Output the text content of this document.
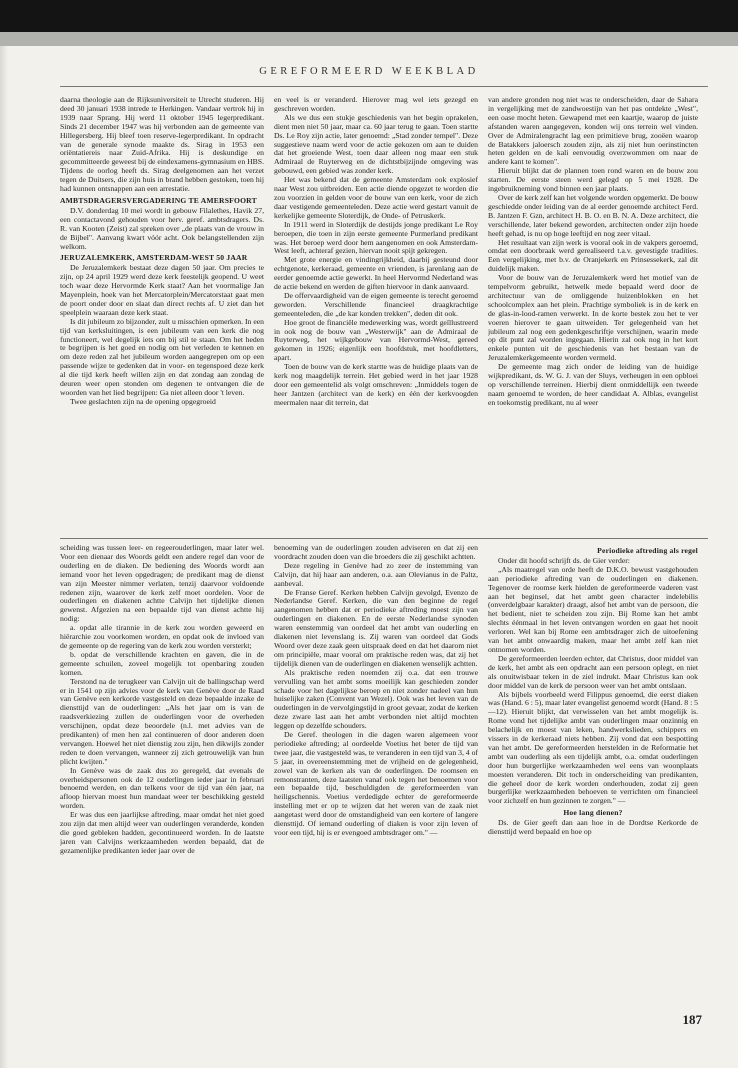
GEREFORMEERD WEEKBLAD

daarna theologie aan de Rijksuniversiteit te Utrecht studeren. Hij deed 30 januari 1938 intrede te Herkingen. Vandaar vertrok hij in 1939 naar Sprang. Hij werd 11 oktober 1945 legerpredikant. Sinds 21 december 1947 was hij verbonden aan de gemeente van Hillegersberg. Hij bleef toen reserve-legerpredikant. In opdracht van de generale synode maakte ds. Sirag in 1953 een oriëntatiereis naar Zuid-Afrika. Hij is deskundige en gecommitteerde geweest bij de eindexamens-gymnasium en HBS. Tijdens de oorlog heeft ds. Sirag deelgenomen aan het verzet tegen de Duitsers, die zijn huis in brand hebben gestoken, toen hij had kunnen ontsnappen aan een arrestatie.

AMBTSDRAGERSVERGADERING TE AMERSFOORT

D.V. donderdag 10 mei wordt in gebouw Filalethes, Havik 27, een contactavond gehouden voor herv. geref. ambtsdragers. Ds. R. van Kooten (Zeist) zal spreken over „de plaats van de vrouw in de Bijbel". Aanvang kwart vóór acht. Ook belangstellenden zijn welkom.

JERUZALEMKERK, AMSTERDAM-WEST 50 JAAR

De Jeruzalemkerk bestaat deze dagen 50 jaar. Om precies te zijn, op 24 april 1929 werd deze kerk feestelijk geopend. U weet toch waar deze Hervormde Kerk staat? Aan het voormalige Jan Mayenplein, hoek van het Mercatorplein/Mercatorstaat gaat men de poort onder door en slaat dan direct rechts af. U ziet dan het speelplein waaraan deze kerk staat.

Is dit jubileum zo bijzonder, zult u misschien opmerken. In een tijd van kerksluitingen, is een jubileum van een kerk die nog functioneert, wel degelijk iets om bij stil te staan. Om het heden te begrijpen is het goed en nodig om het verleden te kennen en om deze reden zal het jubileum worden aangegrepen om op een passende wijze te gedenken dat in voor- en tegenspoed deze kerk al die tijd kerk heeft willen zijn en dat zondag aan zondag de deuren weer open stonden om degenen te ontvangen die de woorden van het lied begrijpen: Ga niet alleen door 't leven.

Twee geslachten zijn na de opening opgegroeid

en veel is er veranderd. Hierover mag wel iets gezegd en geschreven worden.

Als we dus een stukje geschiedenis van het begin oprakelen, dient men niet 50 jaar, maar ca. 60 jaar terug te gaan. Toen startte Ds. Le Roy zijn actie, later genoemd: „Stad zonder tempel". Deze suggestieve naam werd voor de actie gekozen om aan te duiden dat het groeiende West, toen daar alleen nog maar een stuk Admiraal de Ruyterweg en de dichtstbijzijnde omgeving was gebouwd, een gebied was zonder kerk.

Het was bekend dat de gemeente Amsterdam ook explosief naar West zou uitbreiden. Een actie diende opgezet te worden die zou voorzien in gelden voor de bouw van een kerk, voor de zich daar vestigende gemeenteleden. Deze actie werd gestart vanuit de kerkelijke gemeente Sloterdijk, de Onde- of Petruskerk.

In 1911 werd in Sloterdijk de destijds jonge predikant Le Roy beroepen, die toen in zijn eerste gemeente Purmerland predikant was. Het beroep werd door hem aangenomen en ook Amsterdam-West leeft, achteraf gezien, hiervan nooit spijt gekregen.

Met grote energie en vindingrijkheid, daarbij gesteund door echtgenote, kerkeraad, gemeente en vrienden, is jarenlang aan de eerder genoemde actie gewerkt. In heel Hervormd Nederland was de actie bekend en werden de giften hiervoor in dank aanvaard.

De offervaardigheid van de eigen gemeente is terecht geroemd geworden. Verschillende financieel draagkrachtige gemeenteleden, die „de kar konden trekken", deden dit ook.

Hoe groot de financiële medewerking was, wordt geïllustreerd in ook nog de bouw van „Westerwijk" aan de Admiraal de Ruyterweg, het wijkgebouw van Hervormd-West, gereed gekomen in 1926; eigenlijk een hoofdstuk, met hoofdletters, apart.

Toen de bouw van de kerk startte was de huidige plaats van de kerk nog maagdelijk terrein. Het gebied werd in het jaar 1928 door een gemeentelid als volgt omschreven: „Inmiddels togen de heer Jantzen (architect van de kerk) en één der kerkvoogden meermalen naar dit terrein, dat

van andere gronden nog niet was te onderscheiden, daar de Sahara in vergelijking met de zandwoestijn van het pas ontdekte „West", een oase mocht heten. Gewapend met een kaartje, waarop de juiste afstanden waren aangegeven, konden wij ons terrein wel vinden. Over de Admiralengracht lag een primitieve brug, zooëen waarop de Batakkers jaloersch zouden zijn, als zij niet hun oerinstincten heten gelden en de kali eenvoudig overzwommen om naar de andere kant te komen".

Hieruit blijkt dat de plannen toen rond waren en de bouw zou starten. De eerste steen werd gelegd op 5 mei 1928. De ingebruikneming vond binnen een jaar plaats.

Over de kerk zelf kan het volgende worden opgemerkt. De bouw geschiedde onder leiding van de al eerder genoemde architect Ferd. B. Jantzen F. Gzn, architect H. B. O. en B. N. A. Deze architect, die verschillende, later bekend geworden, architecten onder zijn hoede heeft gehad, is nu op hoge leeftijd en nog zeer vitaal.

Het resultaat van zijn werk is vooral ook in de vakpers geroemd, omdat een doorbraak werd gerealiseerd t.a.v. gevestigde tradities. Een vergelijking, met b.v. de Oranjekerk en Prinsessekerk, zal dit duidelijk maken.

Voor de bouw van de Jeruzalemkerk werd het motief van de tempelvorm gebruikt, hetwelk mede bepaald werd door de architectuur van de omliggende huizenblokken en het schoolcomplex aan het plein. Prachtige symboliek is in de kerk en de glas-in-lood-ramen verwerkt. In de korte bestek zou het te ver voeren hierover te gaan uitweiden. Ter gelegenheid van het jubileum zal nog een gedenkgeschriftje verschijnen, waarin mede op dit punt zal worden ingegaan. Hierin zal ook nog in het kort enkele punten uit de geschiedenis van het bestaan van de Jeruzalemkerkgemeente worden vermeld.

De gemeente mag zich onder de leiding van de huidige wijkpredikant, ds. W. G. J. van der Sluys, verheugen in een opbloei op verschillende terreinen. Hierbij dient onmiddellijk een tweede naam genoemd te worden, de heer candidaat A. Alblas, evangelist en toekomstig predikant, nu al weer

scheiding was tussen leer- en regeerouderlingen, maar later wel. Voor een dienaar des Woords geldt een andere regel dan voor de ouderling en de diaken. De bediening des Woords wordt aan iemand voor het leven opgedragen; de predikant mag de dienst van zijn Meester nimmer verlaten, tenzij daarvoor voldoende redenen zijn, waarover de kerk zelf moet oordelen. Voor de ouderlingen en diakenen achtte Calvijn het tijdelijke dienen gewenst. Afgezien na een bepaalde tijd van dienst achtte hij nodig:

a. opdat alle tirannie in de kerk zou worden geweerd en hiërarchie zou voorkomen worden, en opdat ook de invloed van de gemeente op de regering van de kerk zou worden versterkt;

b. opdat de verschillende krachten en gaven, die in de gemeente schuilen, zoveel mogelijk tot openbaring zouden komen.

Terstond na de terugkeer van Calvijn uit de ballingschap werd er in 1541 op zijn advies voor de kerk van Genève door de Raad van Genève een kerkorde vastgesteld en deze bepaalde inzake de diensttijd van de ouderlingen: „Als het jaar om is van de raadsverkiezing zullen de ouderlingen voor de overheden verschijnen, opdat deze beoordele (n.l. met advies van de predikanten) of men hen zal continueren of door anderen doen vervangen. Hoewel het niet dienstig zou zijn, hen dikwijls zonder reden te doen vervangen, wanneer zij zich getrouwelijk van hun plicht kwijten."

In Genève was de zaak dus zo geregeld, dat evenals de overheidspersonen ook de 12 ouderlingen ieder jaar in februari benoemd werden, en dan telkens voor de tijd van één jaar, na afloop hiervan moest hun mandaat weer ter beschikking gesteld worden.

Er was dus een jaarlijkse aftreding, maar omdat het niet goed zou zijn dat men altijd weer van ouderlingen veranderde, konden die goed gebleken hadden, gecontinueerd worden. In de laatste jaren van Calvijns werkzaamheden werden bepaald, dat de gezamenlijke predikanten ieder jaar over de

benoeming van de ouderlingen zouden adviseren en dat zij een voordracht zouden doen van die broeders die zij geschikt achtten.

Deze regeling in Genève had zo zeer de instemming van Calvijn, dat hij haar aan anderen, o.a. aan Olevianus in de Paltz, aanbeval.

De Franse Geref. Kerken hebben Calvijn gevolgd, Evenzo de Nederlandse Geref. Kerken, die van den beginne de regel aangenomen hebben dat er periodieke aftreding moest zijn van ouderlingen en diakenen. En de eerste Nederlandse synoden waren eenstemmig van oordeel dat het ambt van ouderling en diakenen niet levenslang is. Zij waren van oordeel dat Gods Woord over deze zaak geen uitspraak deed en dat het daarom niet om principiële, maar vooral om praktische reden was, dat zij het tijdelijk dienen van de ouderlingen en diakenen wenselijk achtten.

Als praktische reden noemden zij o.a. dat een trouwe vervulling van het ambt soms moeilijk kan geschieden zonder schade voor het dagelijkse beroep en niet zonder nadeel van hun huiselijke zaken (Convent van Wezel). Ook was het leven van de ouderlingen in de vervolgingstijd in groot gevaar, zodat de kerken deze zware last aan het ambt verbonden niet altijd mochten leggen op dezelfde schouders.

De Geref. theologen in die dagen waren algemeen voor periodieke aftreding; al oordeelde Voetius het beter de tijd van twee jaar, die vastgesteld was, te veranderen in een tijd van 3, 4 of 5 jaar, in overeenstemming met de vrijheid en de gelegenheid, zowel van de kerken als van de ouderlingen. De roomsen en remonstranten, deze laatsten vanaf ook tegen het benoemen voor een bepaalde tijd, beschuldigden de gereformeerden van heiligschennis. Voetius verdedigde echter de gereformeerde instelling met er op te wijzen dat het weren van de zaak niet aangetast werd door de omstandigheid van een kortere of langere diensttijd. Of iemand ouderling of diaken is voor zijn leven of voor een tijd, hij is er evengoed ambtsdrager om." —

Periodieke aftreding als regel

Onder dit hoofd schrijft ds. de Gier verder:

„Als maatregel van orde heeft de D.K.O. bewust vastgehouden aan periodieke aftreding van de ouderlingen en diakenen. Tegenover de roomse kerk hielden de gereformeerde vaderen vast aan het beginsel, dat het ambt geen character indelebilis (onverdelgbaar karakter) draagt, alsof het ambt van de persoon, die het bedient, niet te scheiden zou zijn. Bij Rome kan het ambt slechts éénmaal in het leven ontvangen worden en gaat het nooit verloren. Wel kan bij Rome een ambtsdrager zich de uitoefening van het ambt onwaardig maken, maar het ambt zelf kan niet ontnomen worden.

De gereformeerden leerden echter, dat Christus, door middel van de kerk, het ambt als een opdracht aan een persoon oplegt, en niet als onuitwisbaar teken in de ziel indrukt. Maar Christus kan ook door middel van de kerk de persoon weer van het ambt ontslaan.

Als bijbels voorbeeld werd Filippus genoemd, die eerst diaken was (Hand. 6 : 5), maar later evangelist genoemd wordt (Hand. 8 : 5—12). Hieruit blijkt, dat verwisselen van het ambt mogelijk is. Rome vond het tijdelijke ambt van ouderlingen maar onzinnig en belachelijk en moest van leken, handwerkslieden, schippers en vissers in de kerkeraad niets hebben. Zij vond dat een bespotting van het ambt. De gereformeerden herstelden in de Reformatie het ambt van ouderling als een tijdelijk ambt, o.a. omdat ouderlingen door hun burgerlijke werkzaamheden wel eens van woonplaats moesten veranderen. Dit toch in onderscheiding van predikanten, die geheel door de kerk worden onderhouden, zodat zij geen burgerlijke werkzaamheden behoeven te verrichten om financieel voor zichzelf en hun gezinnen te zorgen." —

Hoe lang dienen?

Ds. de Gier geeft dan aan hoe in de Dordtse Kerkorde de diensttijd werd bepaald en hoe op

187
